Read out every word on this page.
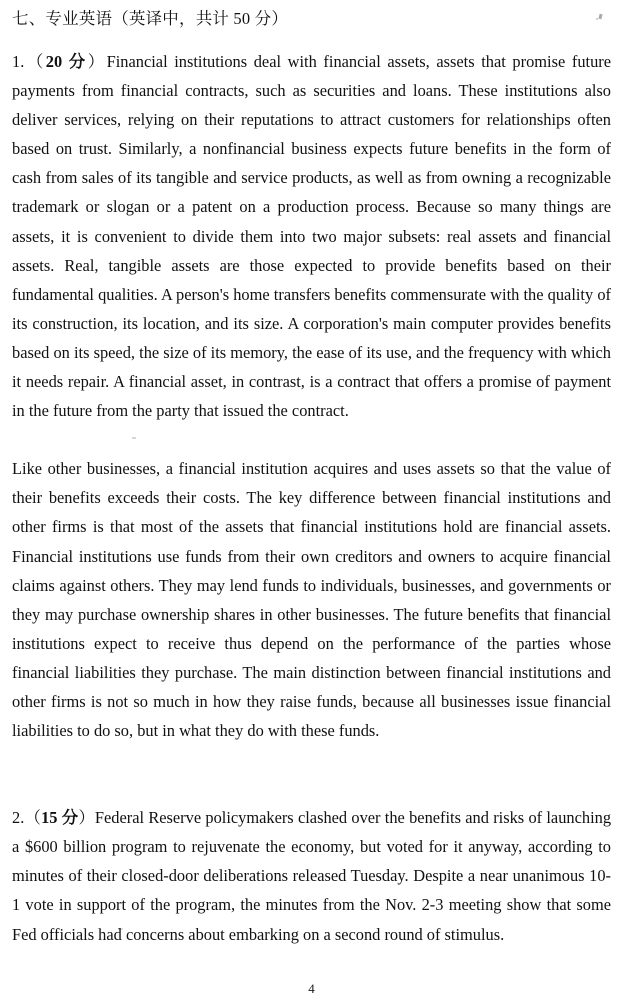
七、专业英语（英译中，共计 50 分）

1.（20 分）Financial institutions deal with financial assets, assets that promise future payments from financial contracts, such as securities and loans. These institutions also deliver services, relying on their reputations to attract customers for relationships often based on trust. Similarly, a nonfinancial business expects future benefits in the form of cash from sales of its tangible and service products, as well as from owning a recognizable trademark or slogan or a patent on a production process. Because so many things are assets, it is convenient to divide them into two major subsets: real assets and financial assets. Real, tangible assets are those expected to provide benefits based on their fundamental qualities. A person's home transfers benefits commensurate with the quality of its construction, its location, and its size. A corporation's main computer provides benefits based on its speed, the size of its memory, the ease of its use, and the frequency with which it needs repair. A financial asset, in contrast, is a contract that offers a promise of payment in the future from the party that issued the contract.

Like other businesses, a financial institution acquires and uses assets so that the value of their benefits exceeds their costs. The key difference between financial institutions and other firms is that most of the assets that financial institutions hold are financial assets. Financial institutions use funds from their own creditors and owners to acquire financial claims against others. They may lend funds to individuals, businesses, and governments or they may purchase ownership shares in other businesses. The future benefits that financial institutions expect to receive thus depend on the performance of the parties whose financial liabilities they purchase. The main distinction between financial institutions and other firms is not so much in how they raise funds, because all businesses issue financial liabilities to do so, but in what they do with these funds.

2.（15 分）Federal Reserve policymakers clashed over the benefits and risks of launching a $600 billion program to rejuvenate the economy, but voted for it anyway, according to minutes of their closed-door deliberations released Tuesday. Despite a near unanimous 10-1 vote in support of the program, the minutes from the Nov. 2-3 meeting show that some Fed officials had concerns about embarking on a second round of stimulus.

4
